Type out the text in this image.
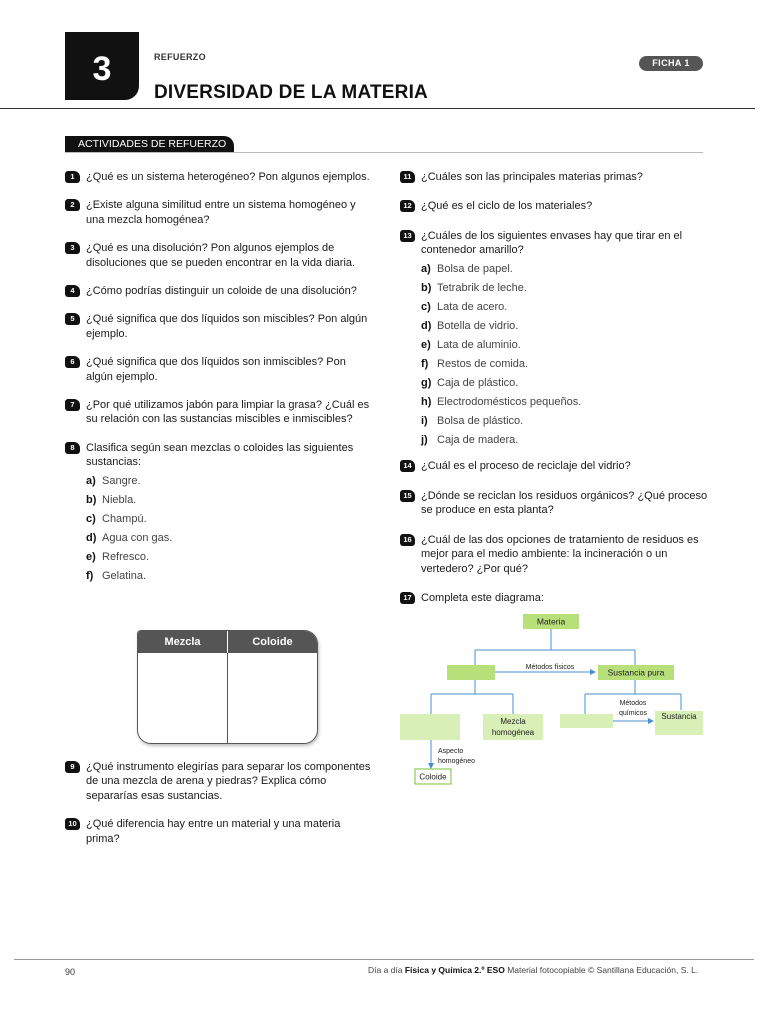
3	REFUERZO
DIVERSIDAD DE LA MATERIA
FICHA 1
ACTIVIDADES DE REFUERZO
1	¿Qué es un sistema heterogéneo? Pon algunos ejemplos.
2	¿Existe alguna similitud entre un sistema homogéneo y una mezcla homogénea?
3	¿Qué es una disolución? Pon algunos ejemplos de disoluciones que se pueden encontrar en la vida diaria.
4	¿Cómo podrías distinguir un coloide de una disolución?
5	¿Qué significa que dos líquidos son miscibles? Pon algún ejemplo.
6	¿Qué significa que dos líquidos son inmiscibles? Pon algún ejemplo.
7	¿Por qué utilizamos jabón para limpiar la grasa? ¿Cuál es su relación con las sustancias miscibles e inmiscibles?
8	Clasifica según sean mezclas o coloides las siguientes sustancias:
a) Sangre.
b) Niebla.
c) Champú.
d) Agua con gas.
e) Refresco.
f) Gelatina.
Mezcla	Coloide
9	¿Qué instrumento elegirías para separar los componentes de una mezcla de arena y piedras? Explica cómo separarías esas sustancias.
10 ¿Qué diferencia hay entre un material y una materia prima?
11 ¿Cuáles son las principales materias primas?
12 ¿Qué es el ciclo de los materiales?
13 ¿Cuáles de los siguientes envases hay que tirar en el contenedor amarillo?
a) Bolsa de papel.
b) Tetrabrik de leche.
c) Lata de acero.
d) Botella de vidrio.
e) Lata de aluminio.
f) Restos de comida.
g) Caja de plástico.
h) Electrodomésticos pequeños.
i) Bolsa de plástico.
j) Caja de madera.
14 ¿Cuál es el proceso de reciclaje del vidrio?
15 ¿Dónde se reciclan los residuos orgánicos? ¿Qué proceso se produce en esta planta?
16 ¿Cuál de las dos opciones de tratamiento de residuos es mejor para el medio ambiente: la incineración o un vertedero? ¿Por qué?
17 Completa este diagrama:
Materia
Métodos físicos	Sustancia pura
Mezcla
homogénea
Métodos
químicos Sustancia
Aspecto
homogéneo
Coloide
90	Día a día Física y Química 2.º ESO Material fotocopiable © Santillana Educación, S. L.
